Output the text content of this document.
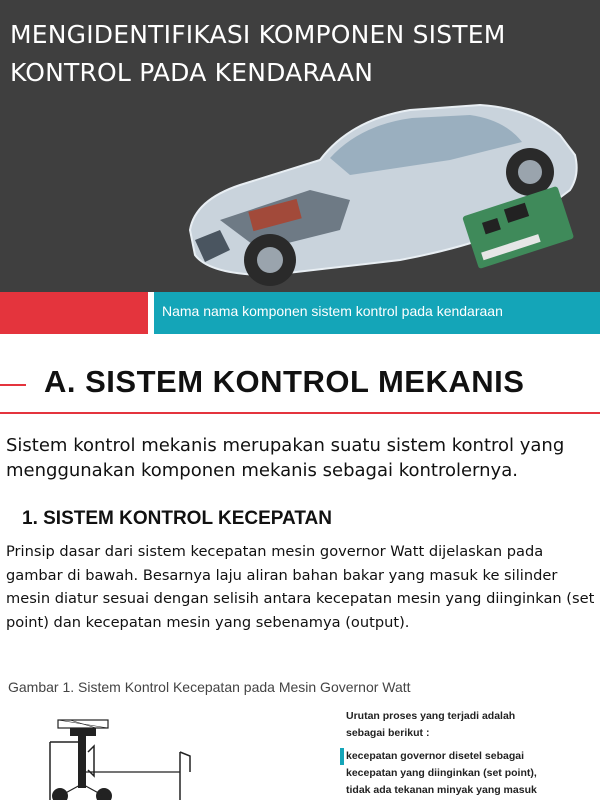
MENGIDENTIFIKASI KOMPONEN SISTEM KONTROL PADA KENDARAAN
Nama nama komponen sistem kontrol pada kendaraan
A. SISTEM KONTROL MEKANIS

Sistem kontrol mekanis merupakan suatu sistem kontrol yang menggunakan komponen mekanis sebagai kontrolernya.

1. SISTEM KONTROL KECEPATAN

Prinsip dasar dari sistem kecepatan mesin governor Watt dijelaskan pada gambar di bawah. Besarnya laju aliran bahan bakar yang masuk ke silinder mesin diatur sesuai dengan selisih antara kecepatan mesin yang diinginkan (set point) dan kecepatan mesin yang sebenamya (output).

Gambar 1. Sistem Kontrol Kecepatan pada Mesin Governor Watt

Urutan proses yang terjadi adalah

sebagai berikut :

kecepatan governor disetel sebagai

kecepatan yang diinginkan (set point),

tidak ada tekanan minyak yang masuk
